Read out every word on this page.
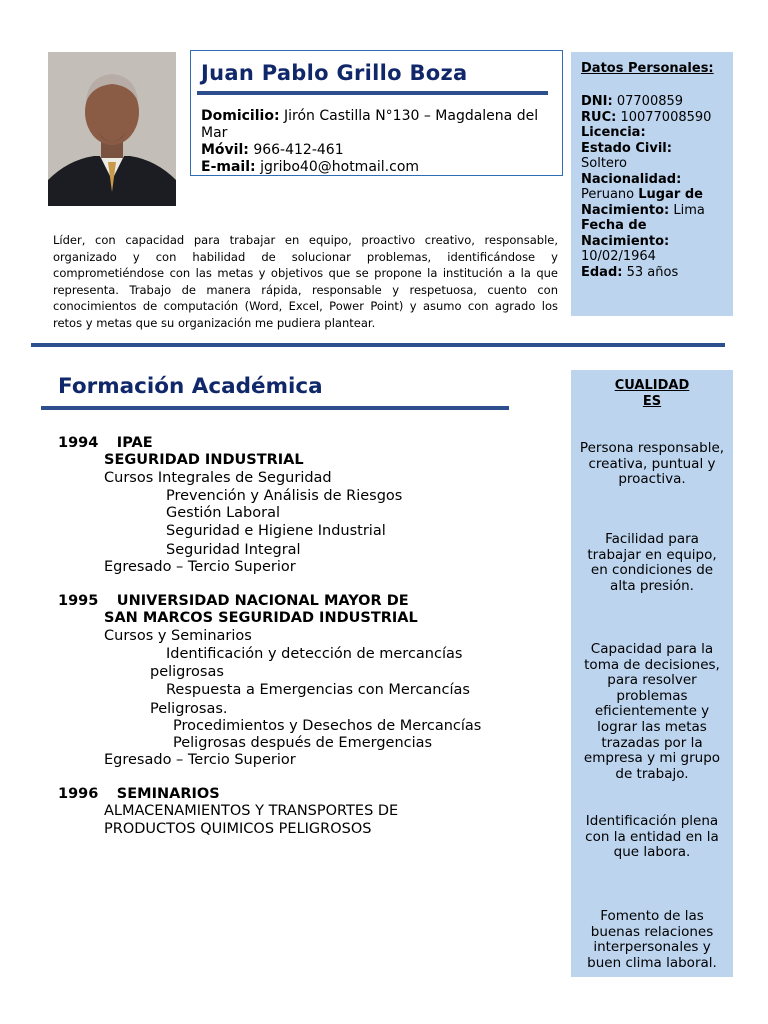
Juan Pablo Grillo Boza
Domicilio: Jirón Castilla N°130 – Magdalena del Mar
Móvil: 966-412-461
E-mail: jgribo40@hotmail.com
Líder, con capacidad para trabajar en equipo, proactivo creativo, responsable, organizado y con habilidad de solucionar problemas, identificándose y comprometiéndose con las metas y objetivos que se propone la institución a la que representa. Trabajo de manera rápida, responsable y respetuosa, cuento con conocimientos de computación (Word, Excel, Power Point) y asumo con agrado los retos y metas que su organización me pudiera plantear.
Datos Personales:
DNI: 07700859
RUC: 10077008590
Licencia:
Estado Civil:
Soltero
Nacionalidad:
Peruano Lugar de Nacimiento: Lima
Fecha de Nacimiento:
10/02/1964
Edad: 53 años
Formación Académica
1994 IPAE
SEGURIDAD INDUSTRIAL
Cursos Integrales de Seguridad
Prevención y Análisis de Riesgos
Gestión Laboral
Seguridad e Higiene Industrial
Seguridad Integral
Egresado – Tercio Superior
1995 UNIVERSIDAD NACIONAL MAYOR DE
SAN MARCOS SEGURIDAD INDUSTRIAL
Cursos y Seminarios
Identificación y detección de mercancías
peligrosas
Respuesta a Emergencias con Mercancías
Peligrosas.
Procedimientos y Desechos de Mercancías
Peligrosas después de Emergencias
Egresado – Tercio Superior
1996 SEMINARIOS
ALMACENAMIENTOS Y TRANSPORTES DE
PRODUCTOS QUIMICOS PELIGROSOS
CUALIDAD
ES
Persona responsable, creativa, puntual y proactiva.
Facilidad para trabajar en equipo, en condiciones de alta presión.
Capacidad para la toma de decisiones, para resolver problemas eficientemente y lograr las metas trazadas por la empresa y mi grupo de trabajo.
Identificación plena con la entidad en la que labora.
Fomento de las buenas relaciones interpersonales y buen clima laboral.
